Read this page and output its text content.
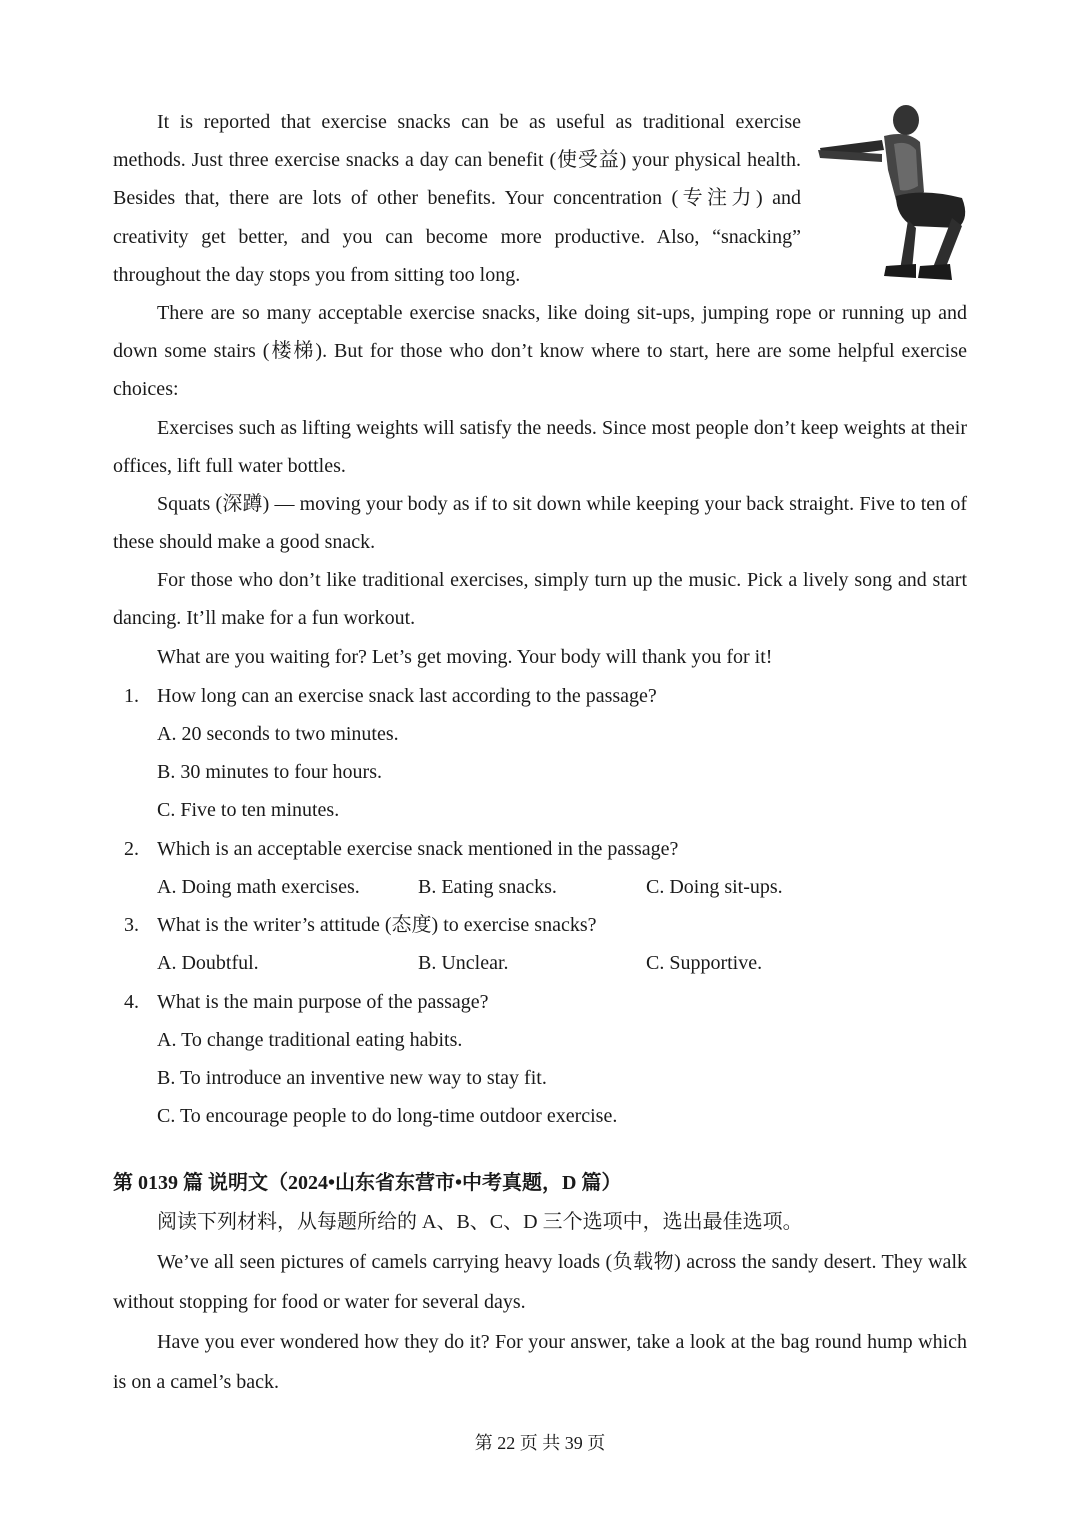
It is reported that exercise snacks can be as useful as traditional exercise methods. Just three exercise snacks a day can benefit (使受益) your physical health. Besides that, there are lots of other benefits. Your concentration (专注力) and creativity get better, and you can become more productive. Also, “snacking” throughout the day stops you from sitting too long.

There are so many acceptable exercise snacks, like doing sit-ups, jumping rope or running up and down some stairs (楼梯). But for those who don’t know where to start, here are some helpful exercise choices:

Exercises such as lifting weights will satisfy the needs. Since most people don’t keep weights at their offices, lift full water bottles.

Squats (深蹲) — moving your body as if to sit down while keeping your back straight. Five to ten of these should make a good snack.

For those who don’t like traditional exercises, simply turn up the music. Pick a lively song and start dancing. It’ll make for a fun workout.

What are you waiting for? Let’s get moving. Your body will thank you for it!

1. How long can an exercise snack last according to the passage?

A. 20 seconds to two minutes.

B. 30 minutes to four hours.

C. Five to ten minutes.

2. Which is an acceptable exercise snack mentioned in the passage?

A. Doing math exercises.	B. Eating snacks.	C. Doing sit-ups.

3. What is the writer’s attitude (态度) to exercise snacks?

A. Doubtful.	B. Unclear.	C. Supportive.

4. What is the main purpose of the passage?

A. To change traditional eating habits.

B. To introduce an inventive new way to stay fit.

C. To encourage people to do long-time outdoor exercise.

第 0139 篇 说明文（2024•山东省东营市•中考真题，D 篇）

阅读下列材料，从每题所给的 A、B、C、D 三个选项中，选出最佳选项。

We’ve all seen pictures of camels carrying heavy loads (负载物) across the sandy desert. They walk without stopping for food or water for several days.

Have you ever wondered how they do it? For your answer, take a look at the bag round hump which is on a camel’s back.

第 22 页 共 39 页
